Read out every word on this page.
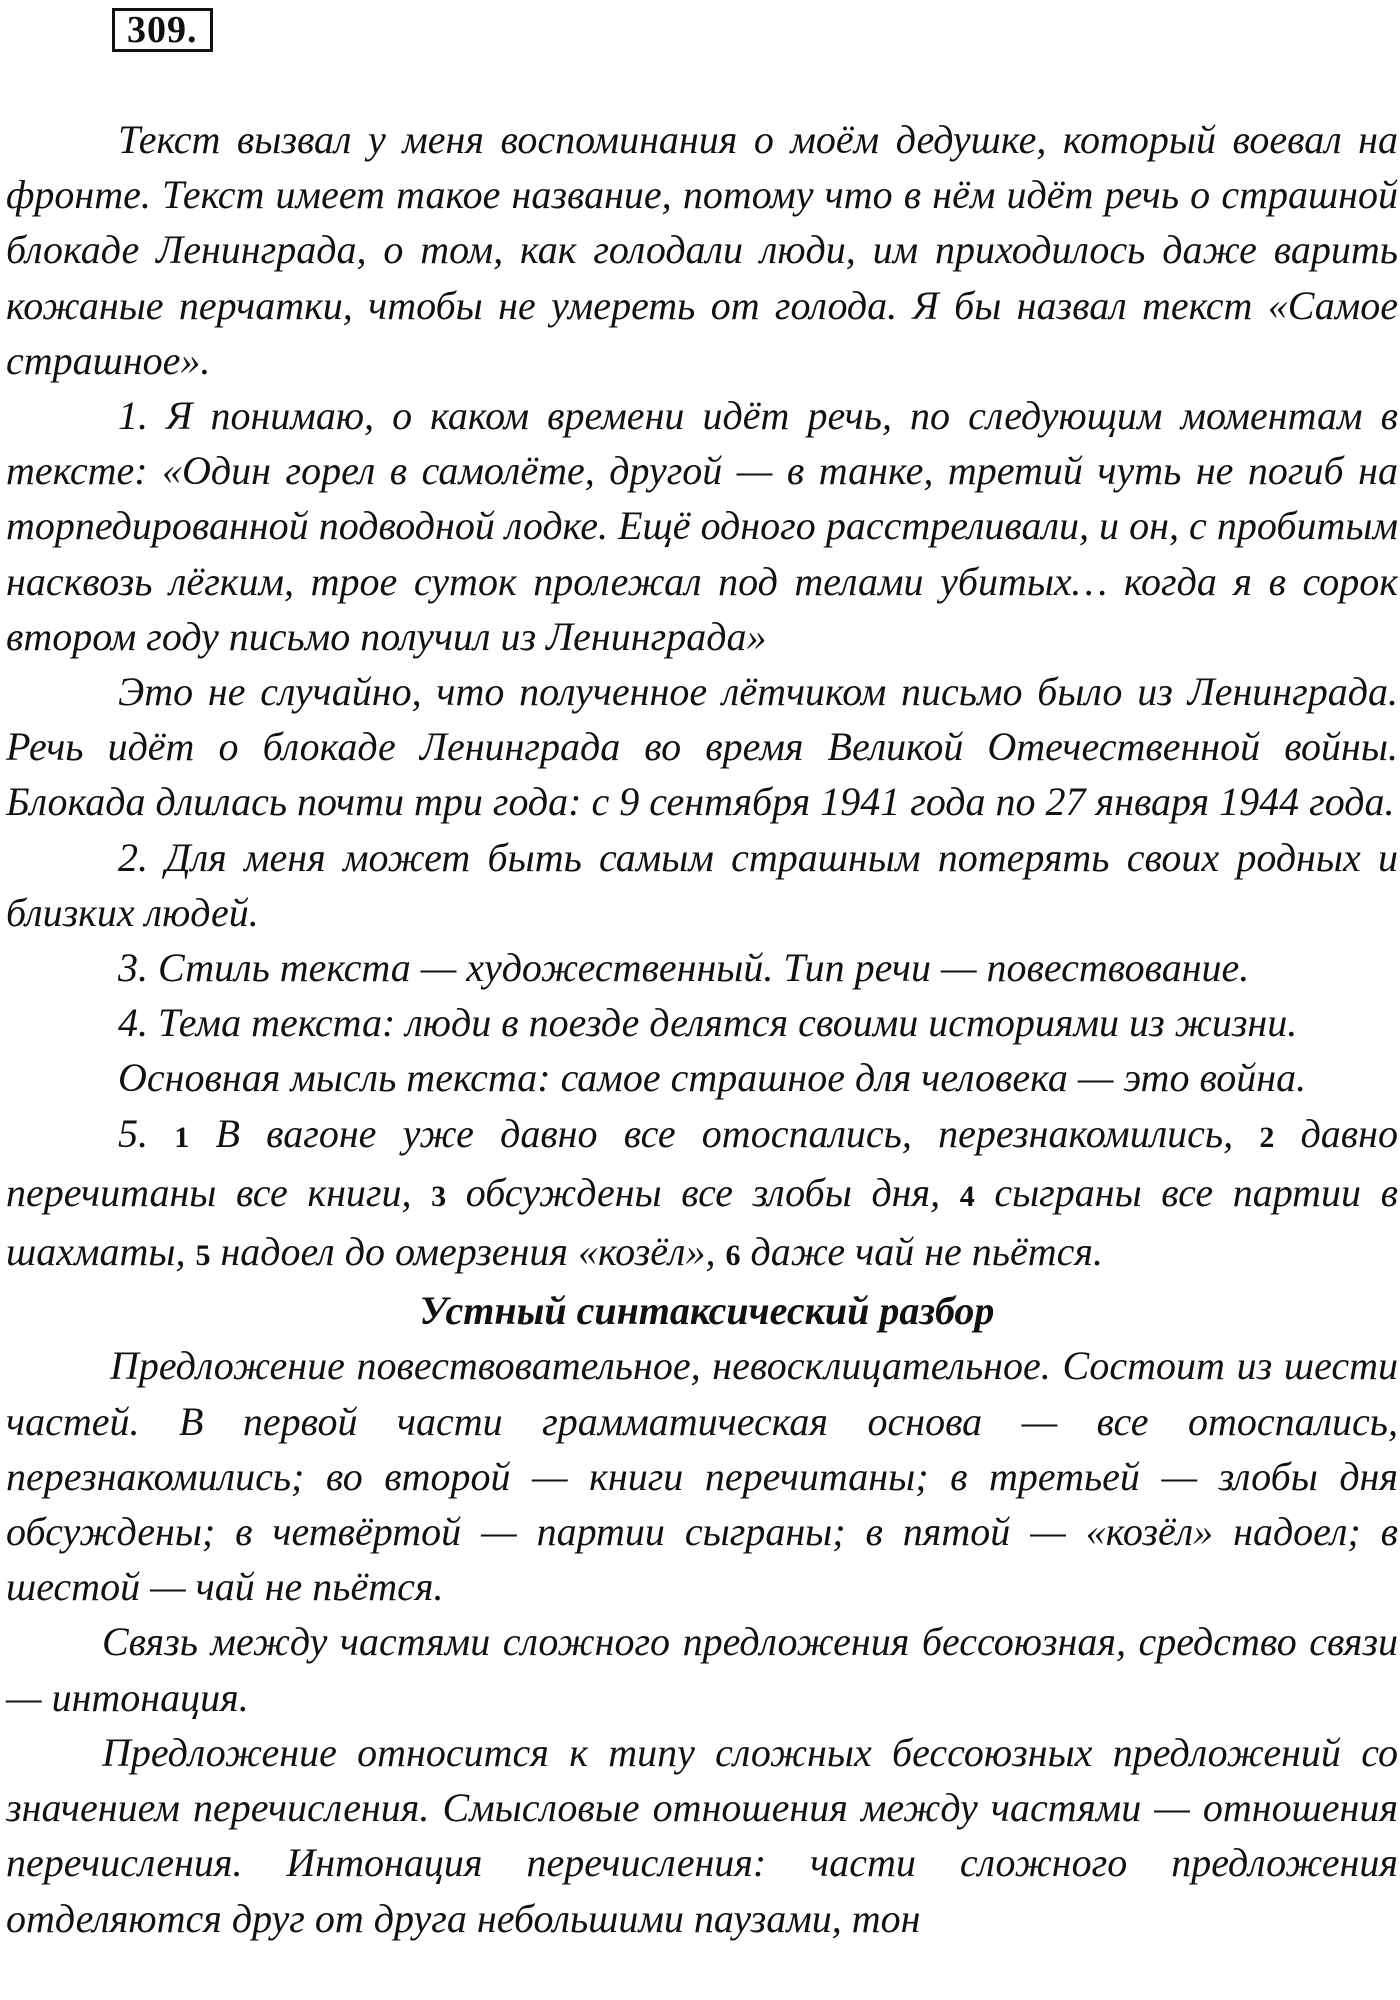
309.

Текст вызвал у меня воспоминания о моём дедушке, который воевал на фронте. Текст имеет такое название, потому что в нём идёт речь о страшной блокаде Ленинграда, о том, как голодали люди, им приходилось даже варить кожаные перчатки, чтобы не умереть от голода. Я бы назвал текст «Самое страшное».

1. Я понимаю, о каком времени идёт речь, по следующим моментам в тексте: «Один горел в самолёте, другой — в танке, третий чуть не погиб на торпедированной подводной лодке. Ещё одного расстреливали, и он, с пробитым насквозь лёгким, трое суток пролежал под телами убитых… когда я в сорок втором году письмо получил из Ленинграда»

Это не случайно, что полученное лётчиком письмо было из Ленинграда. Речь идёт о блокаде Ленинграда во время Великой Отечественной войны. Блокада длилась почти три года: с 9 сентября 1941 года по 27 января 1944 года.

2. Для меня может быть самым страшным потерять своих родных и близких людей.

3. Стиль текста — художественный. Тип речи — повествование.

4. Тема текста: люди в поезде делятся своими историями из жизни.

Основная мысль текста: самое страшное для человека — это война.

5. 1 В вагоне уже давно все отоспались, перезнакомились, 2 давно перечитаны все книги, 3 обсуждены все злобы дня, 4 сыграны все партии в шахматы, 5 надоел до омерзения «козёл», 6 даже чай не пьётся.

Устный синтаксический разбор

Предложение повествовательное, невосклицательное. Состоит из шести частей. В первой части грамматическая основа — все отоспались, перезнакомились; во второй — книги перечитаны; в третьей — злобы дня обсуждены; в четвёртой — партии сыграны; в пятой — «козёл» надоел; в шестой — чай не пьётся.

Связь между частями сложного предложения бессоюзная, средство связи — интонация.

Предложение относится к типу сложных бессоюзных предложений со значением перечисления. Смысловые отношения между частями — отношения перечисления. Интонация перечисления: части сложного предложения отделяются друг от друга небольшими паузами, тон
